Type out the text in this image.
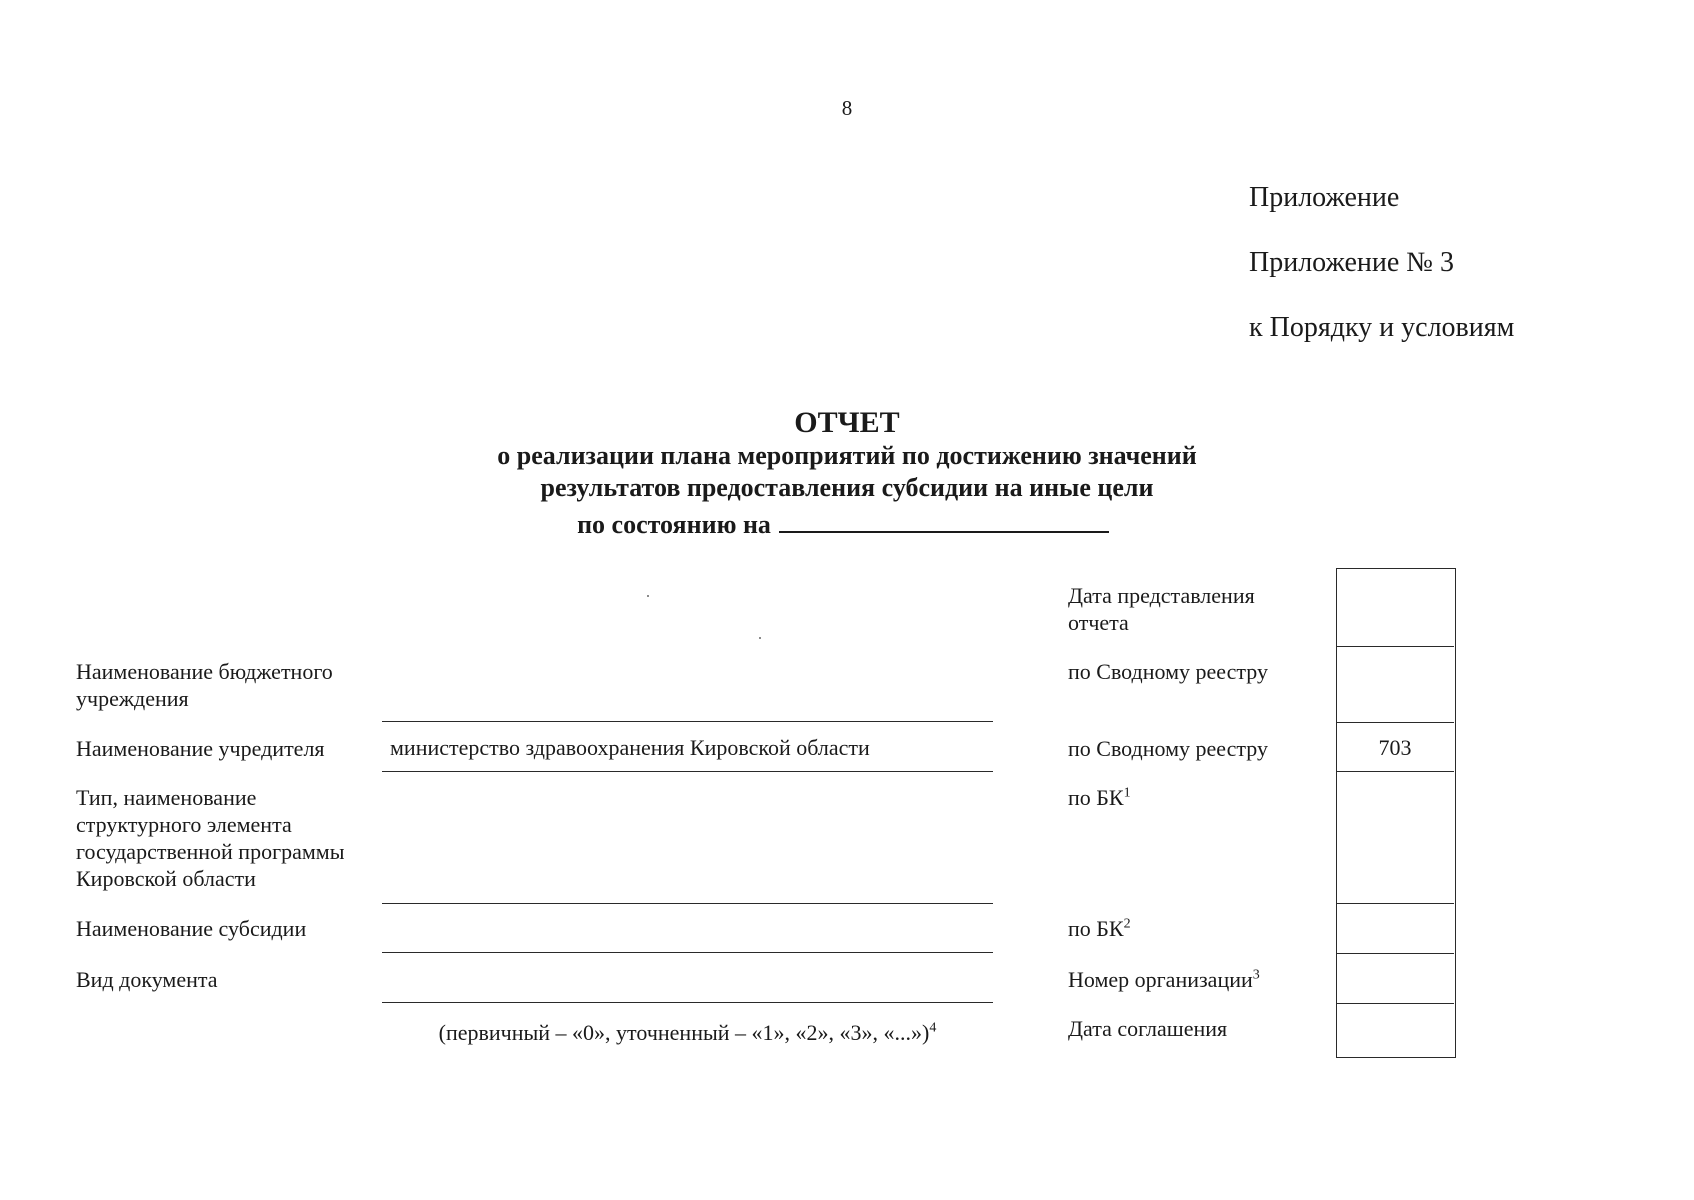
8
Приложение
Приложение № 3
к Порядку и условиям
ОТЧЕТ
о реализации плана мероприятий по достижению значений
результатов предоставления субсидии на иные цели
по состоянию на
Наименование бюджетного учреждения
Наименование учредителя	министерство здравоохранения Кировской области
Тип, наименование
структурного элемента
государственной программы
Кировской области
Наименование субсидии
Вид документа
(первичный – «0», уточненный – «1», «2», «3», «...»)$^4$
Дата представления
отчета
по Сводному реестру
по Сводному реестру
по $БК^1$
по $БК^2$
Номер организации$^3$
Дата соглашения
703
